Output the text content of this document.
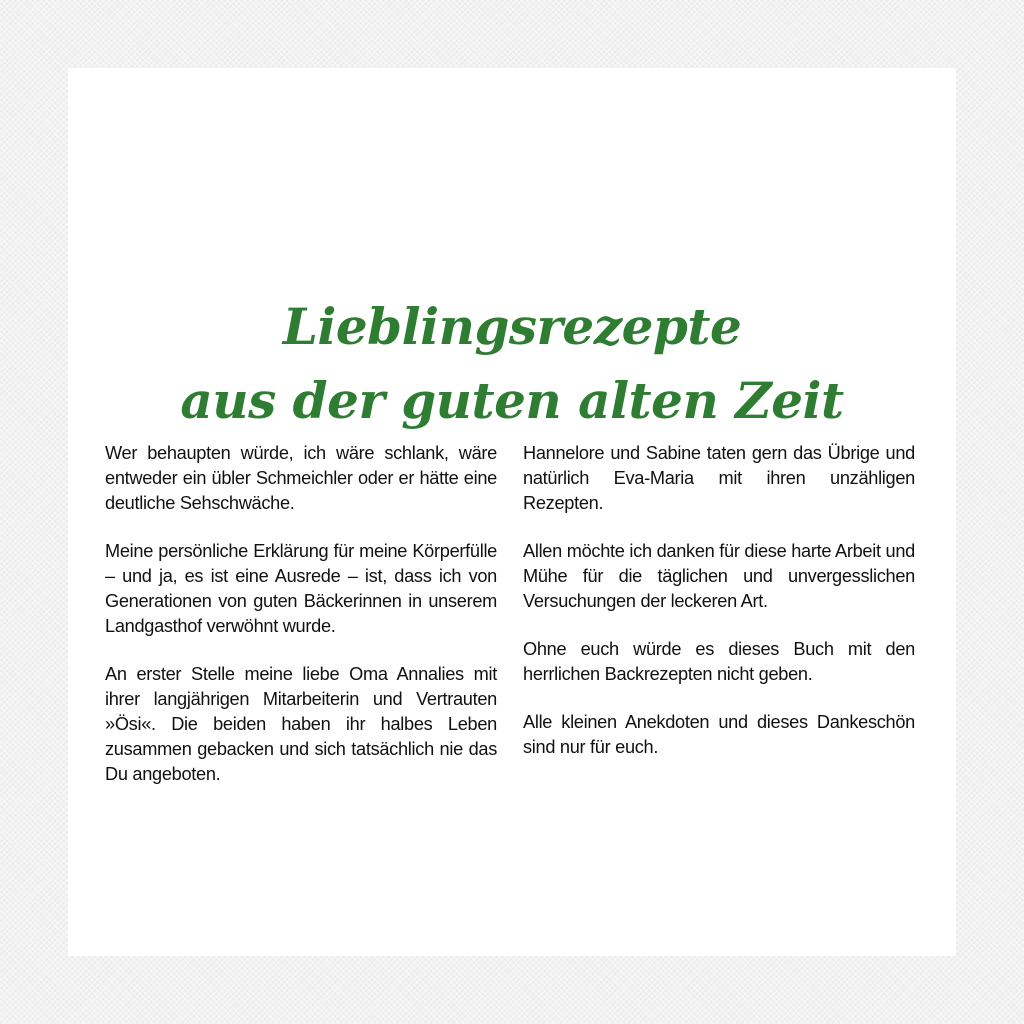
Lieblingsrezepte
aus der guten alten Zeit

Wer behaupten würde, ich wäre schlank, wäre entweder ein übler Schmeichler oder er hätte eine deutliche Sehschwäche.

Meine persönliche Erklärung für meine Körperfülle – und ja, es ist eine Ausrede – ist, dass ich von Generationen von guten Bäckerinnen in unserem Landgasthof verwöhnt wurde.

An erster Stelle meine liebe Oma Annalies mit ihrer langjährigen Mitarbeiterin und Vertrauten »Ösi«. Die beiden haben ihr halbes Leben zusammen gebacken und sich tatsächlich nie das Du angeboten.

Hannelore und Sabine taten gern das Übrige und natürlich Eva-Maria mit ihren unzähligen Rezepten.

Allen möchte ich danken für diese harte Arbeit und Mühe für die täglichen und unvergesslichen Versuchungen der leckeren Art.

Ohne euch würde es dieses Buch mit den herrlichen Backrezepten nicht geben.

Alle kleinen Anekdoten und dieses Dankeschön sind nur für euch.
